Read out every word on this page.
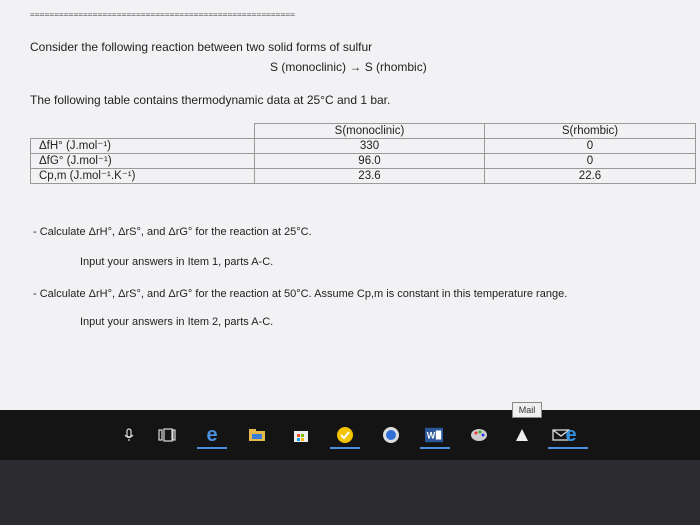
=======================================================
Consider the following reaction between two solid forms of sulfur
S (monoclinic) → S (rhombic)
The following table contains thermodynamic data at 25°C and 1 bar.
	S(monoclinic)	S(rhombic)
ΔfH° (J.mol⁻¹)	330	0
ΔfG° (J.mol⁻¹)	96.0	0
Cp,m (J.mol⁻¹.K⁻¹)	23.6	22.6
- Calculate ΔrH°, ΔrS°, and ΔrG° for the reaction at 25°C.
Input your answers in Item 1, parts A-C.
- Calculate ΔrH°, ΔrS°, and ΔrG° for the reaction at 50°C. Assume Cp,m is constant in this temperature range.
Input your answers in Item 2, parts A-C.
Mail
e	W	e
